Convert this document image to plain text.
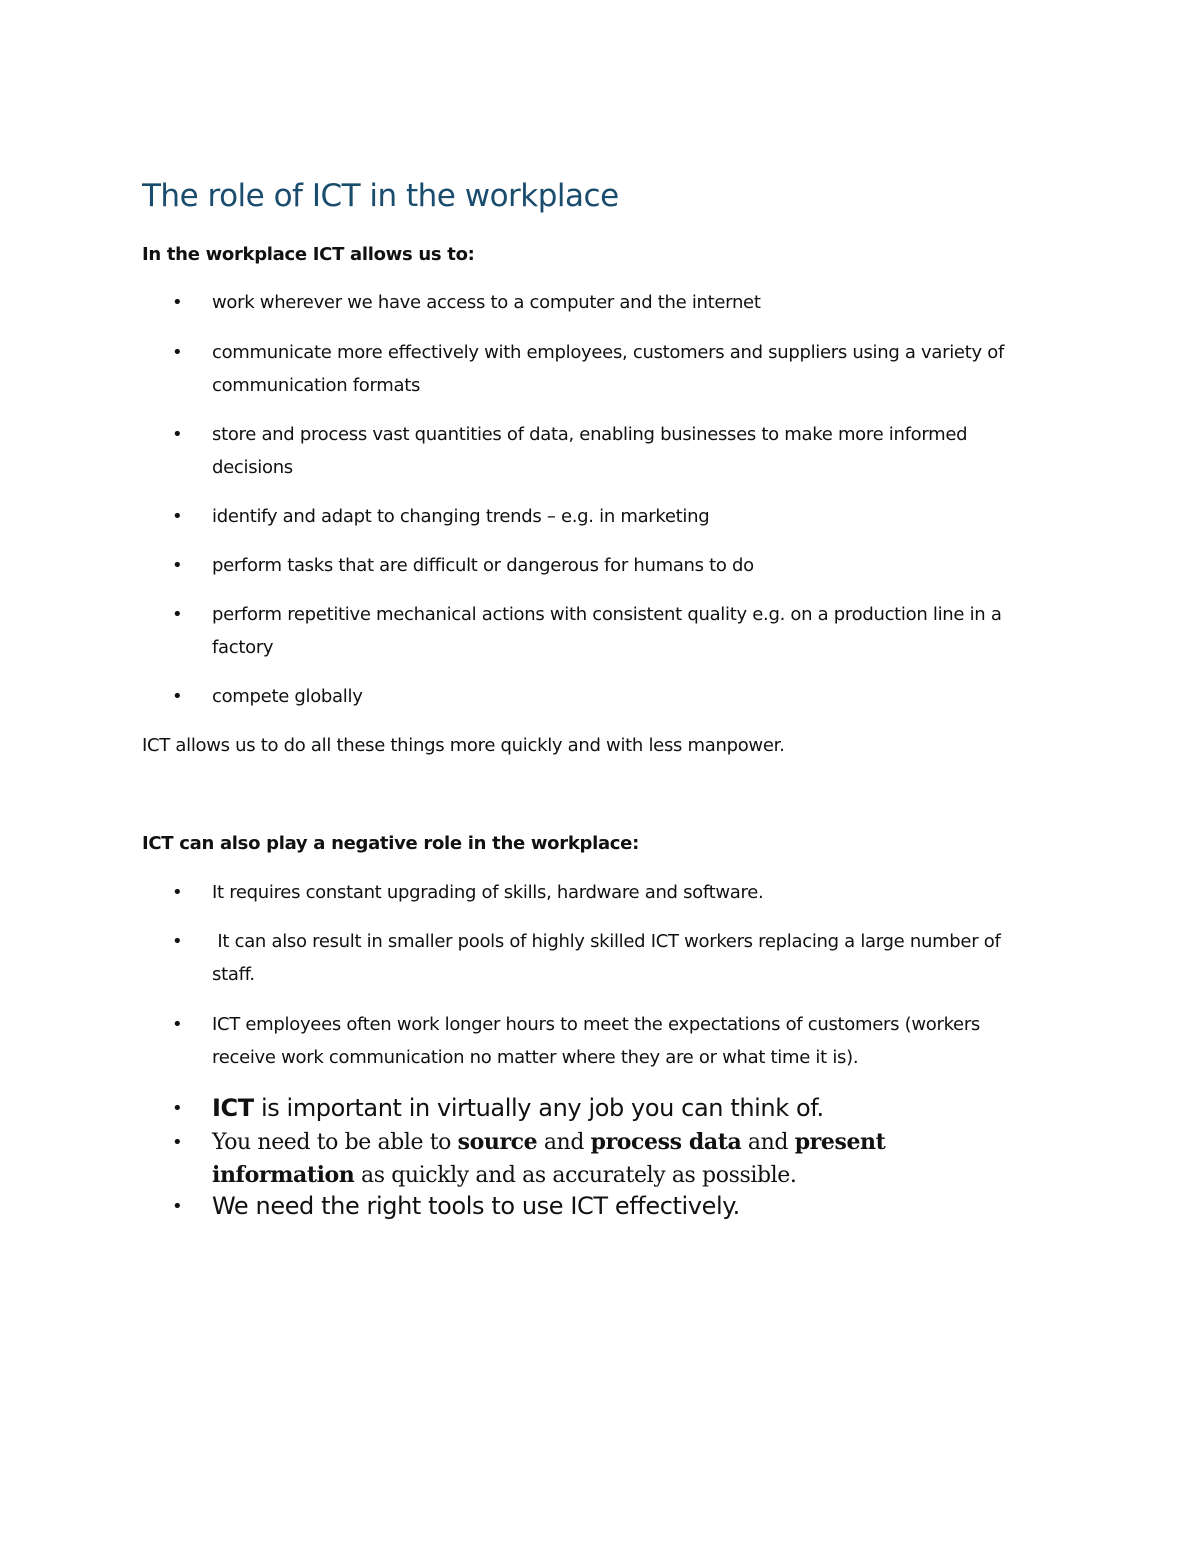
The role of ICT in the workplace

In the workplace ICT allows us to:

•	work wherever we have access to a computer and the internet

•	communicate more effectively with employees, customers and suppliers using a variety of communication formats

•	store and process vast quantities of data, enabling businesses to make more informed decisions

•	identify and adapt to changing trends – e.g. in marketing

•	perform tasks that are difficult or dangerous for humans to do

•	perform repetitive mechanical actions with consistent quality e.g. on a production line in a factory

•	compete globally

ICT allows us to do all these things more quickly and with less manpower.

ICT can also play a negative role in the workplace:

•	It requires constant upgrading of skills, hardware and software.

•	It can also result in smaller pools of highly skilled ICT workers replacing a large number of staff.

•	ICT employees often work longer hours to meet the expectations of customers (workers receive work communication no matter where they are or what time it is).

•	ICT is important in virtually any job you can think of.

•	You need to be able to source and process data and present information as quickly and as accurately as possible.

•	We need the right tools to use ICT effectively.
